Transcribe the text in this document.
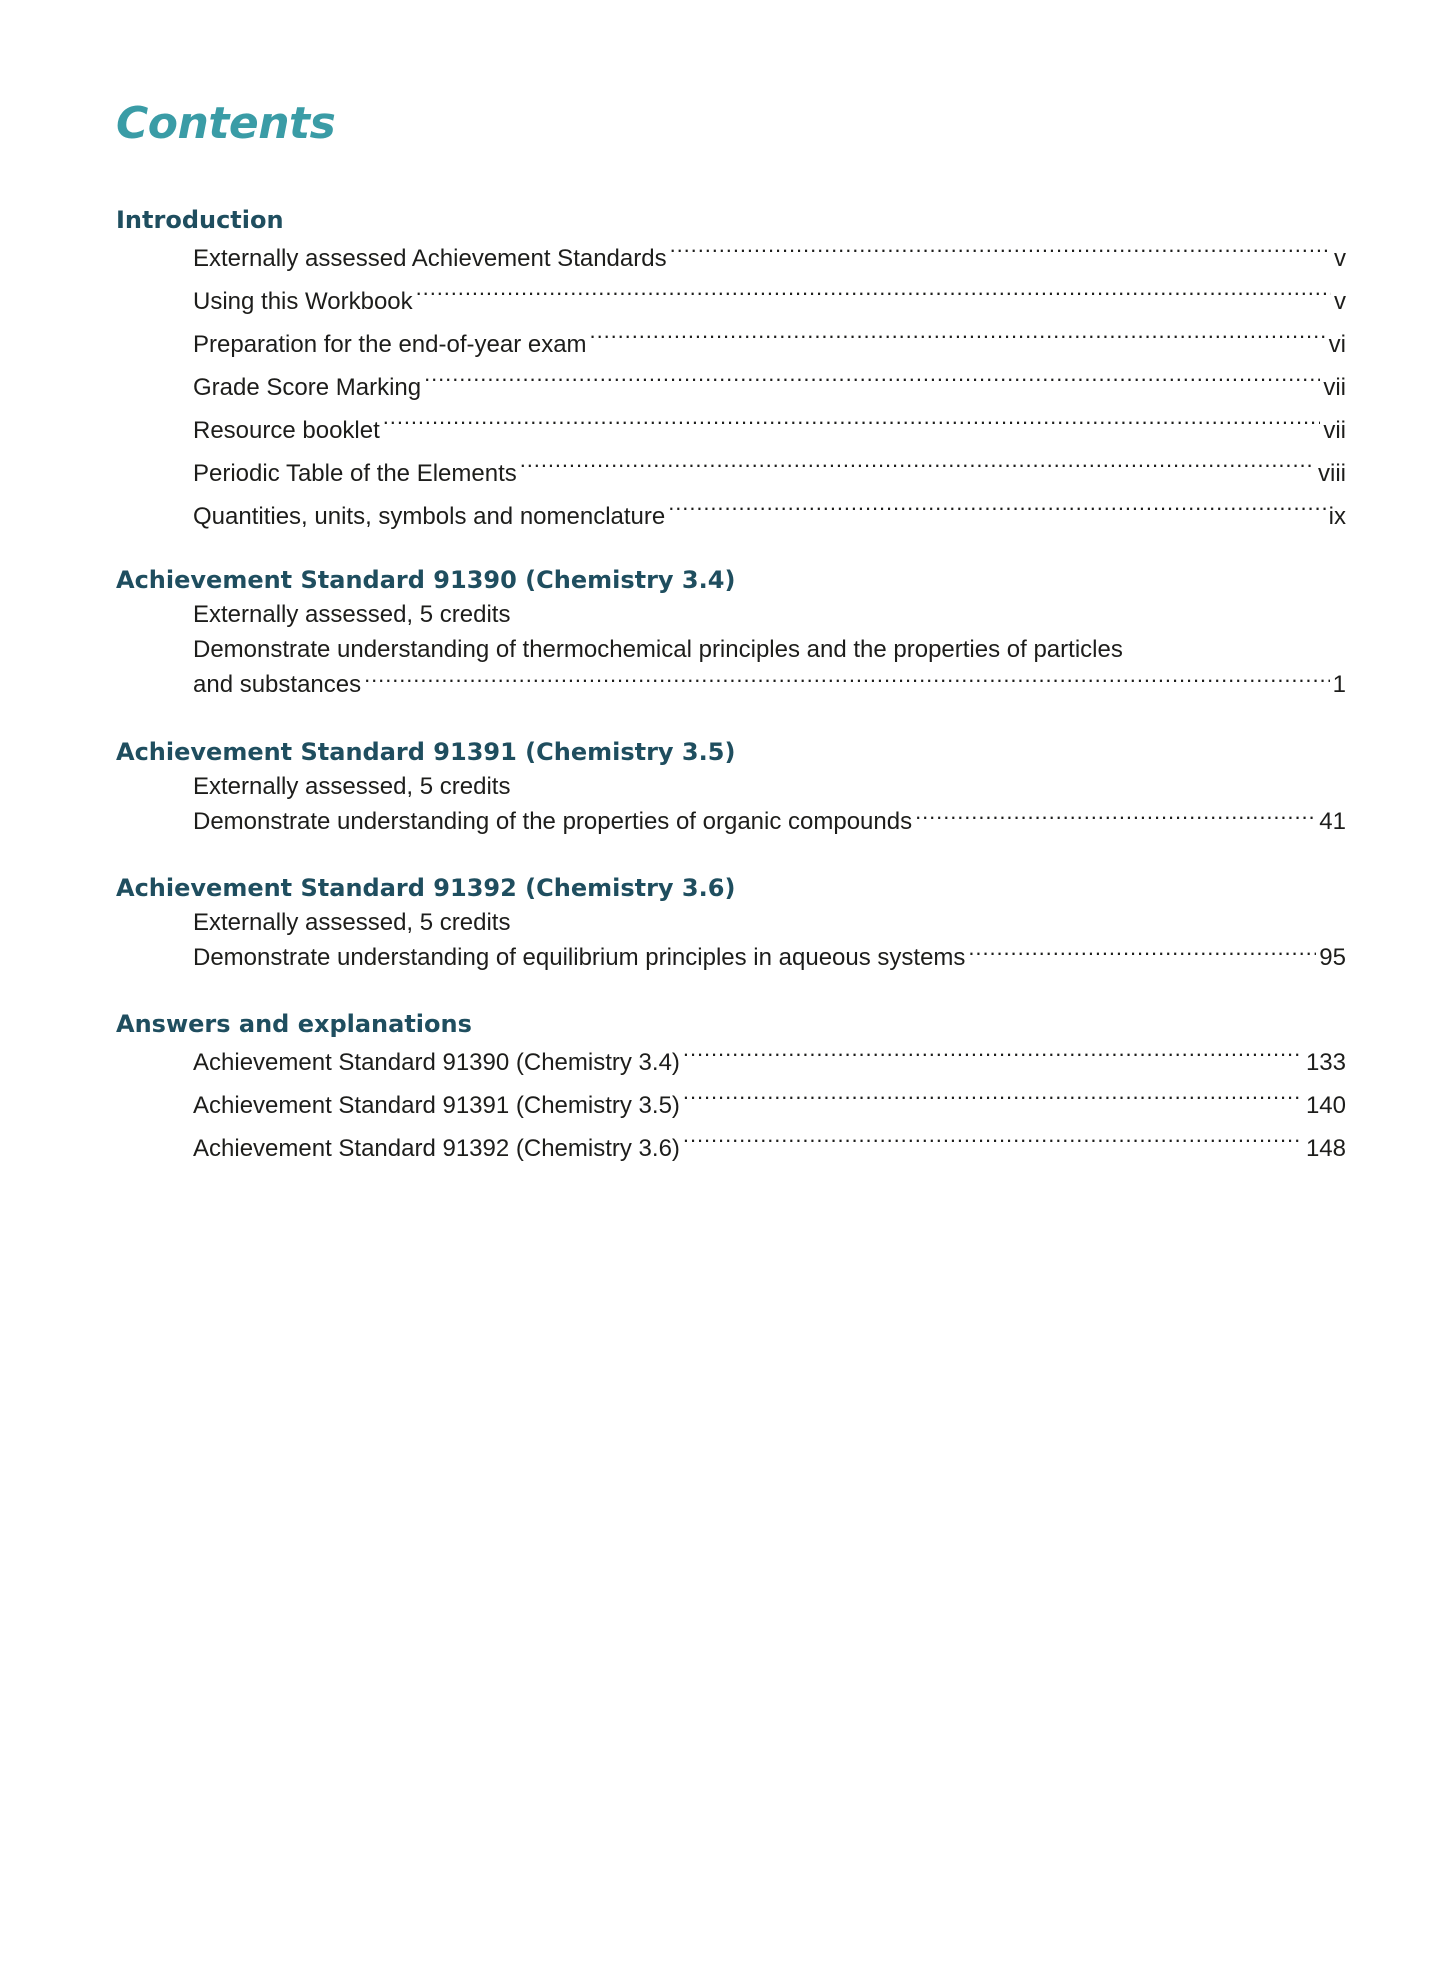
Contents
Introduction
Externally assessed Achievement Standards . . .	v
Using this Workbook . . .	v
Preparation for the end-of-year exam . . .	vi
Grade Score Marking . . .	vii
Resource booklet . . .	vii
Periodic Table of the Elements . . .	viii
Quantities, units, symbols and nomenclature . . .	ix
Achievement Standard 91390 (Chemistry 3.4)
Externally assessed, 5 credits
Demonstrate understanding of thermochemical principles and the properties of particles
and substances . . .	1
Achievement Standard 91391 (Chemistry 3.5)
Externally assessed, 5 credits
Demonstrate understanding of the properties of organic compounds . . .	41
Achievement Standard 91392 (Chemistry 3.6)
Externally assessed, 5 credits
Demonstrate understanding of equilibrium principles in aqueous systems . . .	95
Answers and explanations
Achievement Standard 91390 (Chemistry 3.4) . . .	133
Achievement Standard 91391 (Chemistry 3.5) . . .	140
Achievement Standard 91392 (Chemistry 3.6) . . .	148
